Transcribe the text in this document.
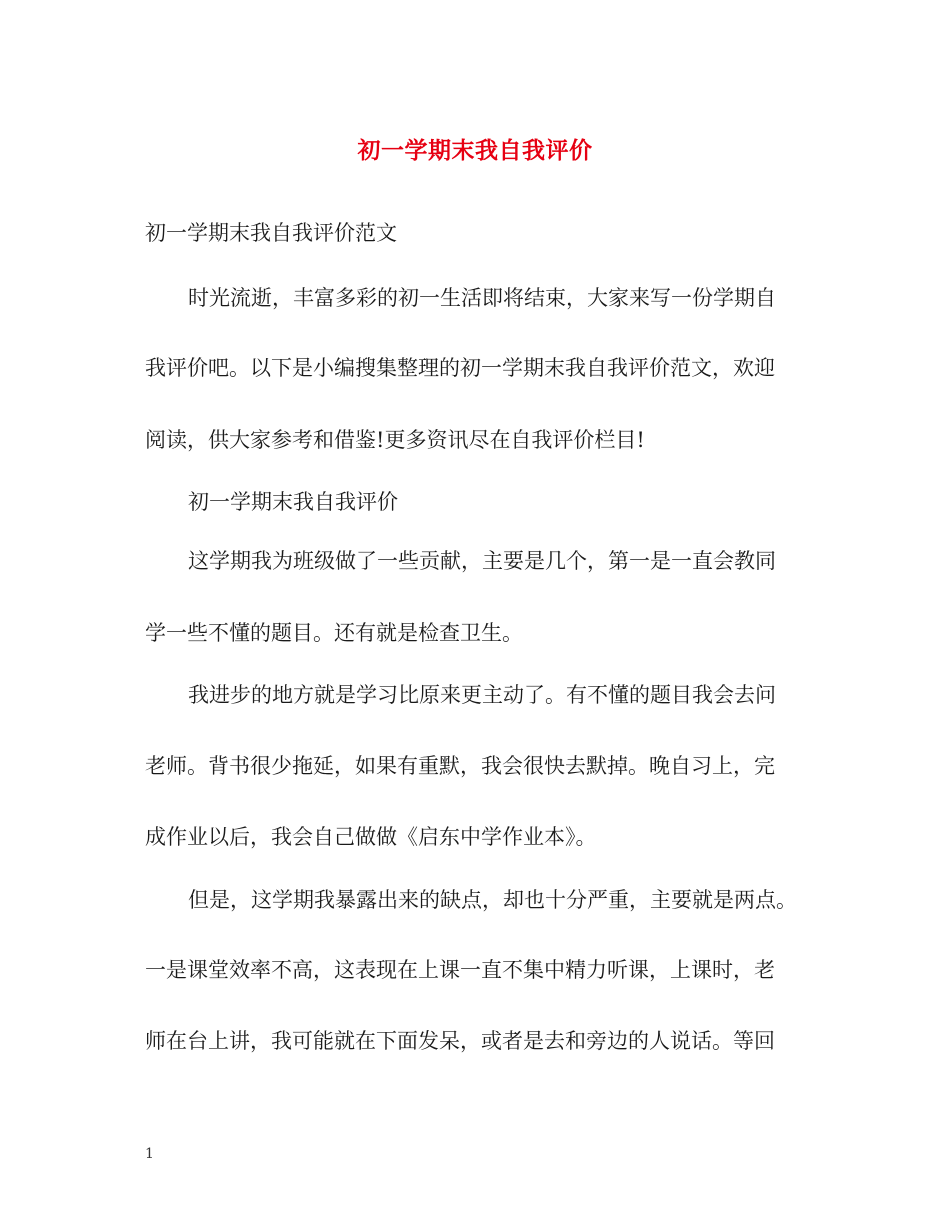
初一学期末我自我评价

初一学期末我自我评价范文

时光流逝，丰富多彩的初一生活即将结束，大家来写一份学期自

我评价吧。以下是小编搜集整理的初一学期末我自我评价范文，欢迎

阅读，供大家参考和借鉴!更多资讯尽在自我评价栏目!

初一学期末我自我评价

这学期我为班级做了一些贡献，主要是几个，第一是一直会教同

学一些不懂的题目。还有就是检查卫生。

我进步的地方就是学习比原来更主动了。有不懂的题目我会去问

老师。背书很少拖延，如果有重默，我会很快去默掉。晚自习上，完

成作业以后，我会自己做做《启东中学作业本》。

但是，这学期我暴露出来的缺点，却也十分严重，主要就是两点。

一是课堂效率不高，这表现在上课一直不集中精力听课，上课时，老

师在台上讲，我可能就在下面发呆，或者是去和旁边的人说话。等回

1
